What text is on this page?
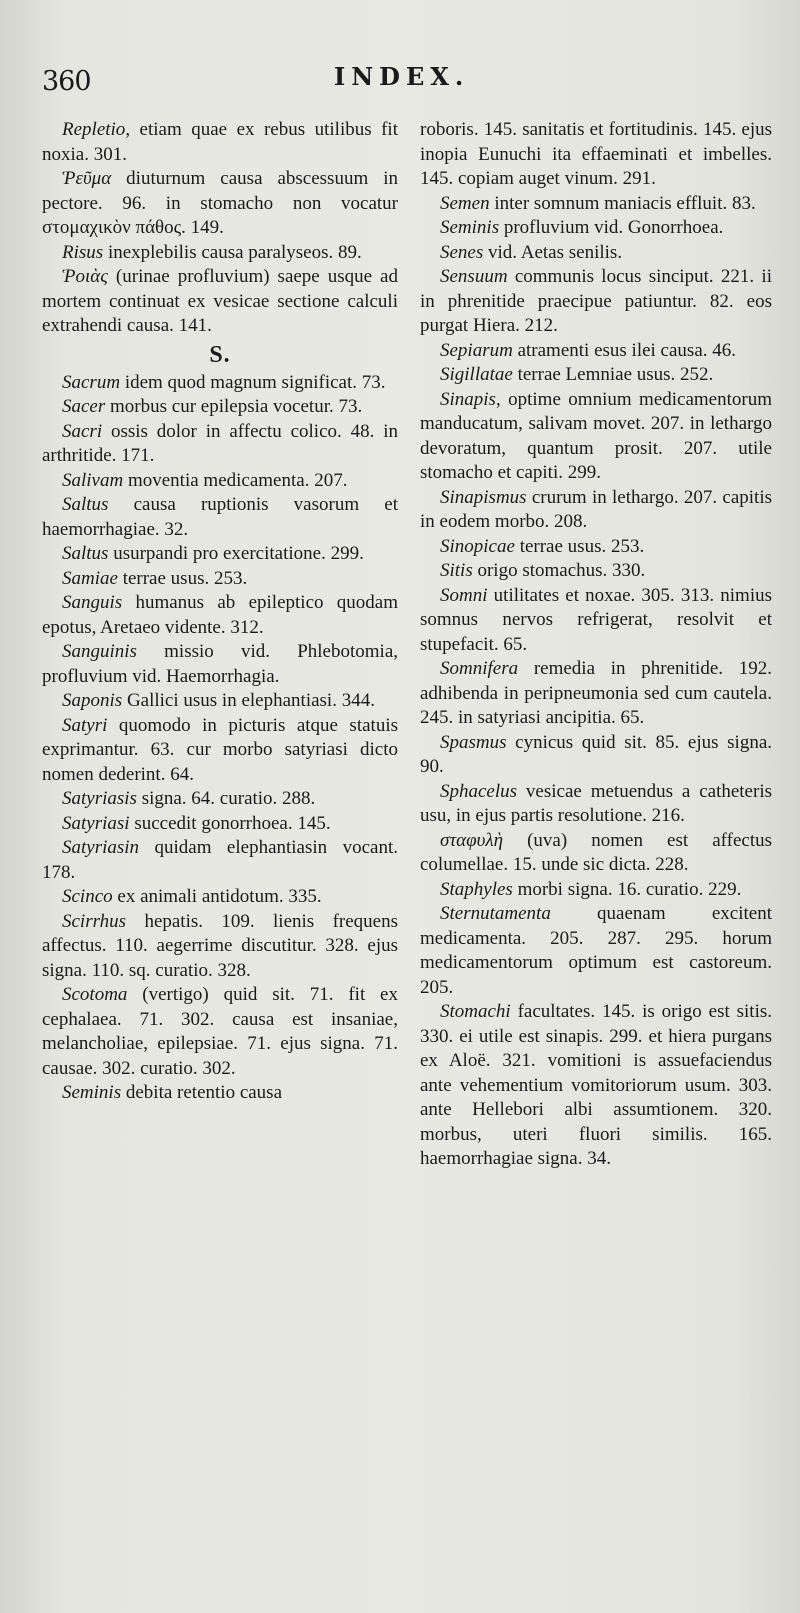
360	INDEX.

Repletio, etiam quae ex rebus utilibus fit noxia. 301.

Ῥεῦμα diuturnum causa abscessuum in pectore. 96. in stomacho non vocatur στομαχικὸν πάθος. 149.

Risus inexplebilis causa paralyseos. 89.

Ῥοιὰς (urinae profluvium) saepe usque ad mortem continuat ex vesicae sectione calculi extrahendi causa. 141.

S.

Sacrum idem quod magnum significat. 73.

Sacer morbus cur epilepsia vocetur. 73.

Sacri ossis dolor in affectu colico. 48. in arthritide. 171.

Salivam moventia medicamenta. 207.

Saltus causa ruptionis vasorum et haemorrhagiae. 32.

Saltus usurpandi pro exercitatione. 299.

Samiae terrae usus. 253.

Sanguis humanus ab epileptico quodam epotus, Aretaeo vidente. 312.

Sanguinis missio vid. Phlebotomia, profluvium vid. Haemorrhagia.

Saponis Gallici usus in elephantiasi. 344.

Satyri quomodo in picturis atque statuis exprimantur. 63. cur morbo satyriasi dicto nomen dederint. 64.

Satyriasis signa. 64. curatio. 288.

Satyriasi succedit gonorrhoea. 145.

Satyriasin quidam elephantiasin vocant. 178.

Scinco ex animali antidotum. 335.

Scirrhus hepatis. 109. lienis frequens affectus. 110. aegerrime discutitur. 328. ejus signa. 110. sq. curatio. 328.

Scotoma (vertigo) quid sit. 71. fit ex cephalaea. 71. 302. causa est insaniae, melancholiae, epilepsiae. 71. ejus signa. 71. causae. 302. curatio. 302.

Seminis debita retentio causa

roboris. 145. sanitatis et fortitudinis. 145. ejus inopia Eunuchi ita effaeminati et imbelles. 145. copiam auget vinum. 291.

Semen inter somnum maniacis effluit. 83.

Seminis profluvium vid. Gonorrhoea.

Senes vid. Aetas senilis.

Sensuum communis locus sinciput. 221. ii in phrenitide praecipue patiuntur. 82. eos purgat Hiera. 212.

Sepiarum atramenti esus ilei causa. 46.

Sigillatae terrae Lemniae usus. 252.

Sinapis, optime omnium medicamentorum manducatum, salivam movet. 207. in lethargo devoratum, quantum prosit. 207. utile stomacho et capiti. 299.

Sinapismus crurum in lethargo. 207. capitis in eodem morbo. 208.

Sinopicae terrae usus. 253.

Sitis origo stomachus. 330.

Somni utilitates et noxae. 305. 313. nimius somnus nervos refrigerat, resolvit et stupefacit. 65.

Somnifera remedia in phrenitide. 192. adhibenda in peripneumonia sed cum cautela. 245. in satyriasi ancipitia. 65.

Spasmus cynicus quid sit. 85. ejus signa. 90.

Sphacelus vesicae metuendus a catheteris usu, in ejus partis resolutione. 216.

σταφυλὴ (uva) nomen est affectus columellae. 15. unde sic dicta. 228.

Staphyles morbi signa. 16. curatio. 229.

Sternutamenta quaenam excitent medicamenta. 205. 287. 295. horum medicamentorum optimum est castoreum. 205.

Stomachi facultates. 145. is origo est sitis. 330. ei utile est sinapis. 299. et hiera purgans ex Aloë. 321. vomitioni is assuefaciendus ante vehementium vomitoriorum usum. 303. ante Hellebori albi assumtionem. 320. morbus, uteri fluori similis. 165. haemorrhagiae signa. 34.
